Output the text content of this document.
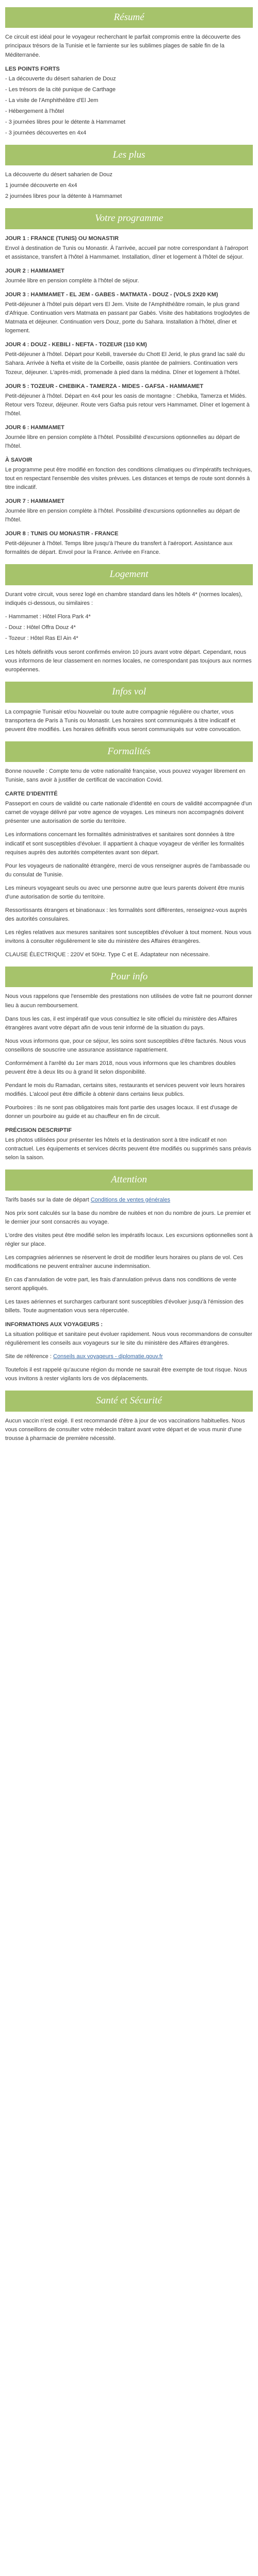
Résumé

Ce circuit est idéal pour le voyageur recherchant le parfait compromis entre la découverte des principaux trésors de la Tunisie et le farniente sur les sublimes plages de sable fin de la Méditerranée.

LES POINTS FORTS
- La découverte du désert saharien de Douz
- Les trésors de la cité punique de Carthage
- La visite de l'Amphithéâtre d'El Jem
- Hébergement à l'hôtel
- 3 journées libres pour le détente à Hammamet
- 3 journées découvertes en 4x4
Les plus
La découverte du désert saharien de Douz
1 journée découverte en 4x4
2 journées libres pour la détente à Hammamet
Votre programme
JOUR 1 : FRANCE (TUNIS) OU MONASTIR

Envol à destination de Tunis ou Monastir. À l'arrivée, accueil par notre correspondant à l'aéroport et assistance, transfert à l'hôtel à Hammamet. Installation, dîner et logement à l'hôtel de séjour.

JOUR 2 : HAMMAMET

Journée libre en pension complète à l'hôtel de séjour.

JOUR 3 : HAMMAMET - EL JEM - GABES - MATMATA - DOUZ - (VOLS 2X20 KM)

Petit-déjeuner à l'hôtel puis départ vers El Jem. Visite de l'Amphithéâtre romain, le plus grand d'Afrique. Continuation vers Matmata en passant par Gabès. Visite des habitations troglodytes de Matmata et déjeuner. Continuation vers Douz, porte du Sahara. Installation à l'hôtel, dîner et logement.

JOUR 4 : DOUZ - KEBILI - NEFTA - TOZEUR (110 KM)

Petit-déjeuner à l'hôtel. Départ pour Kebili, traversée du Chott El Jerid, le plus grand lac salé du Sahara. Arrivée à Nefta et visite de la Corbeille, oasis plantée de palmiers. Continuation vers Tozeur, déjeuner. L'après-midi, promenade à pied dans la médina. Dîner et logement à l'hôtel.

JOUR 5 : TOZEUR - CHEBIKA - TAMERZA - MIDES - GAFSA - HAMMAMET

Petit-déjeuner à l'hôtel. Départ en 4x4 pour les oasis de montagne : Chebika, Tamerza et Midès. Retour vers Tozeur, déjeuner. Route vers Gafsa puis retour vers Hammamet. Dîner et logement à l'hôtel.

JOUR 6 : HAMMAMET

Journée libre en pension complète à l'hôtel. Possibilité d'excursions optionnelles au départ de l'hôtel.

À SAVOIR

Le programme peut être modifié en fonction des conditions climatiques ou d'impératifs techniques, tout en respectant l'ensemble des visites prévues. Les distances et temps de route sont donnés à titre indicatif.

JOUR 7 : HAMMAMET

Journée libre en pension complète à l'hôtel. Possibilité d'excursions optionnelles au départ de l'hôtel.

JOUR 8 : TUNIS OU MONASTIR - FRANCE

Petit-déjeuner à l'hôtel. Temps libre jusqu'à l'heure du transfert à l'aéroport. Assistance aux formalités de départ. Envol pour la France. Arrivée en France.

Logement

Durant votre circuit, vous serez logé en chambre standard dans les hôtels 4* (normes locales), indiqués ci-dessous, ou similaires :

- Hammamet : Hôtel Flora Park 4*
- Douz : Hôtel Offra Douz 4*
- Tozeur : Hôtel Ras El Ain 4*

Les hôtels définitifs vous seront confirmés environ 10 jours avant votre départ. Cependant, nous vous informons de leur classement en normes locales, ne correspondant pas toujours aux normes européennes.

Infos vol

La compagnie Tunisair et/ou Nouvelair ou toute autre compagnie régulière ou charter, vous transportera de Paris à Tunis ou Monastir. Les horaires sont communiqués à titre indicatif et peuvent être modifiés. Les horaires définitifs vous seront communiqués sur votre convocation.

Formalités

Bonne nouvelle : Compte tenu de votre nationalité française, vous pouvez voyager librement en Tunisie, sans avoir à justifier de certificat de vaccination Covid.

CARTE D'IDENTITÉ

Passeport en cours de validité ou carte nationale d'identité en cours de validité accompagnée d'un carnet de voyage délivré par votre agence de voyages. Les mineurs non accompagnés doivent présenter une autorisation de sortie du territoire.

Les informations concernant les formalités administratives et sanitaires sont données à titre indicatif et sont susceptibles d'évoluer. Il appartient à chaque voyageur de vérifier les formalités requises auprès des autorités compétentes avant son départ.

Pour les voyageurs de nationalité étrangère, merci de vous renseigner auprès de l'ambassade ou du consulat de Tunisie.

Les mineurs voyageant seuls ou avec une personne autre que leurs parents doivent être munis d'une autorisation de sortie du territoire.

Ressortissants étrangers et binationaux : les formalités sont différentes, renseignez-vous auprès des autorités consulaires.

Les règles relatives aux mesures sanitaires sont susceptibles d'évoluer à tout moment. Nous vous invitons à consulter régulièrement le site du ministère des Affaires étrangères.

CLAUSE ÉLECTRIQUE : 220V et 50Hz. Type C et E. Adaptateur non nécessaire.

Pour info

Nous vous rappelons que l'ensemble des prestations non utilisées de votre fait ne pourront donner lieu à aucun remboursement.

Dans tous les cas, il est impératif que vous consultiez le site officiel du ministère des Affaires étrangères avant votre départ afin de vous tenir informé de la situation du pays.

Nous vous informons que, pour ce séjour, les soins sont susceptibles d'être facturés. Nous vous conseillons de souscrire une assurance assistance rapatriement.

Conformément à l'arrêté du 1er mars 2018, nous vous informons que les chambres doubles peuvent être à deux lits ou à grand lit selon disponibilité.

Pendant le mois du Ramadan, certains sites, restaurants et services peuvent voir leurs horaires modifiés. L'alcool peut être difficile à obtenir dans certains lieux publics.

Pourboires : ils ne sont pas obligatoires mais font partie des usages locaux. Il est d'usage de donner un pourboire au guide et au chauffeur en fin de circuit.

PRÉCISION DESCRIPTIF

Les photos utilisées pour présenter les hôtels et la destination sont à titre indicatif et non contractuel. Les équipements et services décrits peuvent être modifiés ou supprimés sans préavis selon la saison.

Attention

Tarifs basés sur la date de départ Conditions de ventes générales

Nos prix sont calculés sur la base du nombre de nuitées et non du nombre de jours. Le premier et le dernier jour sont consacrés au voyage.

L'ordre des visites peut être modifié selon les impératifs locaux. Les excursions optionnelles sont à régler sur place.

Les compagnies aériennes se réservent le droit de modifier leurs horaires ou plans de vol. Ces modifications ne peuvent entraîner aucune indemnisation.

En cas d'annulation de votre part, les frais d'annulation prévus dans nos conditions de vente seront appliqués.

Les taxes aériennes et surcharges carburant sont susceptibles d'évoluer jusqu'à l'émission des billets. Toute augmentation vous sera répercutée.

INFORMATIONS AUX VOYAGEURS :

La situation politique et sanitaire peut évoluer rapidement. Nous vous recommandons de consulter régulièrement les conseils aux voyageurs sur le site du ministère des Affaires étrangères.

Site de référence : Conseils aux voyageurs - diplomatie.gouv.fr

Toutefois il est rappelé qu'aucune région du monde ne saurait être exempte de tout risque. Nous vous invitons à rester vigilants lors de vos déplacements.

Santé et Sécurité

Aucun vaccin n'est exigé. Il est recommandé d'être à jour de vos vaccinations habituelles. Nous vous conseillons de consulter votre médecin traitant avant votre départ et de vous munir d'une trousse à pharmacie de première nécessité.
